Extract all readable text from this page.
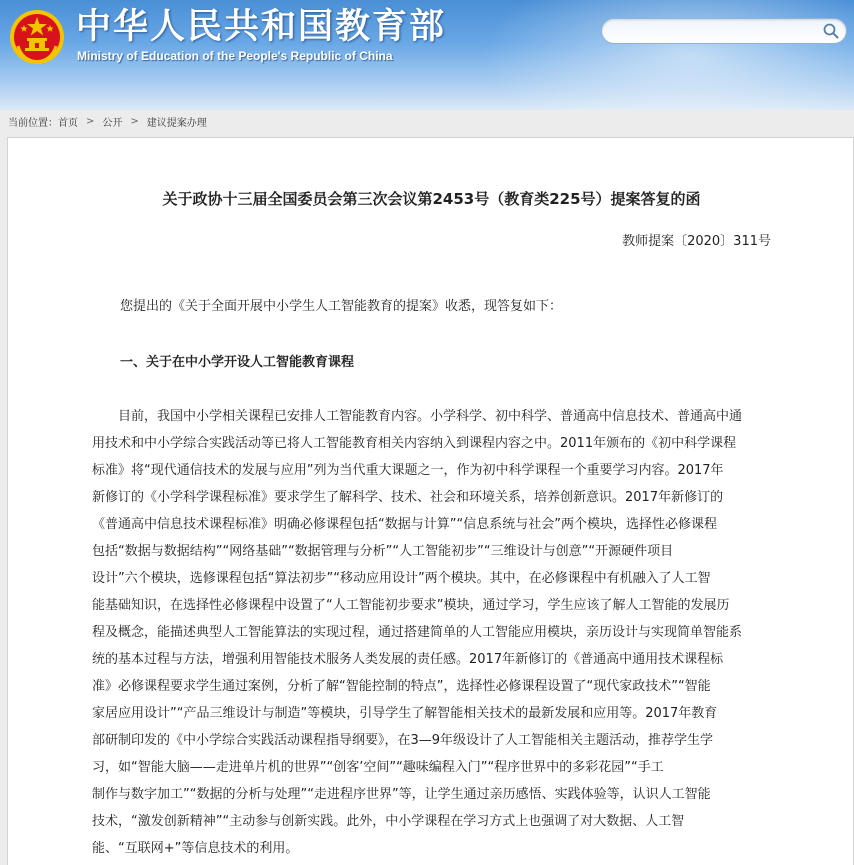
中华人民共和国教育部
Ministry of Education of the People's Republic of China
当前位置： 首页 > 公开 > 建议提案办理
关于政协十三届全国委员会第三次会议第2453号（教育类225号）提案答复的函
教师提案〔2020〕311号
您提出的《关于全面开展中小学生人工智能教育的提案》收悉，现答复如下：
一、关于在中小学开设人工智能教育课程
　　目前，我国中小学相关课程已安排人工智能教育内容。小学科学、初中科学、普通高中信息技术、普通高中通
用技术和中小学综合实践活动等已将人工智能教育相关内容纳入到课程内容之中。2011年颁布的《初中科学课程
标准》将“现代通信技术的发展与应用”列为当代重大课题之一，作为初中科学课程一个重要学习内容。2017年
新修订的《小学科学课程标准》要求学生了解科学、技术、社会和环境关系，培养创新意识。2017年新修订的
《普通高中信息技术课程标准》明确必修课程包括“数据与计算”“信息系统与社会”两个模块，选择性必修课程
包括“数据与数据结构”“网络基础”“数据管理与分析”“人工智能初步”“三维设计与创意”“开源硬件项目
设计”六个模块，选修课程包括“算法初步”“移动应用设计”两个模块。其中，在必修课程中有机融入了人工智
能基础知识，在选择性必修课程中设置了“人工智能初步要求”模块，通过学习，学生应该了解人工智能的发展历
程及概念，能描述典型人工智能算法的实现过程，通过搭建简单的人工智能应用模块，亲历设计与实现简单智能系
统的基本过程与方法，增强利用智能技术服务人类发展的责任感。2017年新修订的《普通高中通用技术课程标
准》必修课程要求学生通过案例，分析了解“智能控制的特点”，选择性必修课程设置了“现代家政技术”“智能
家居应用设计”“产品三维设计与制造”等模块，引导学生了解智能相关技术的最新发展和应用等。2017年教育
部研制印发的《中小学综合实践活动课程指导纲要》，在3—9年级设计了人工智能相关主题活动，推荐学生学
习，如“智能大脑——走进单片机的世界”“创客’空间”“趣味编程入门”“程序世界中的多彩花园”“手工
制作与数字加工”“数据的分析与处理”“走进程序世界”等，让学生通过亲历感悟、实践体验等，认识人工智能
技术，“激发创新精神”“主动参与创新实践。此外，中小学课程在学习方式上也强调了对大数据、人工智
能、“互联网+”等信息技术的利用。
